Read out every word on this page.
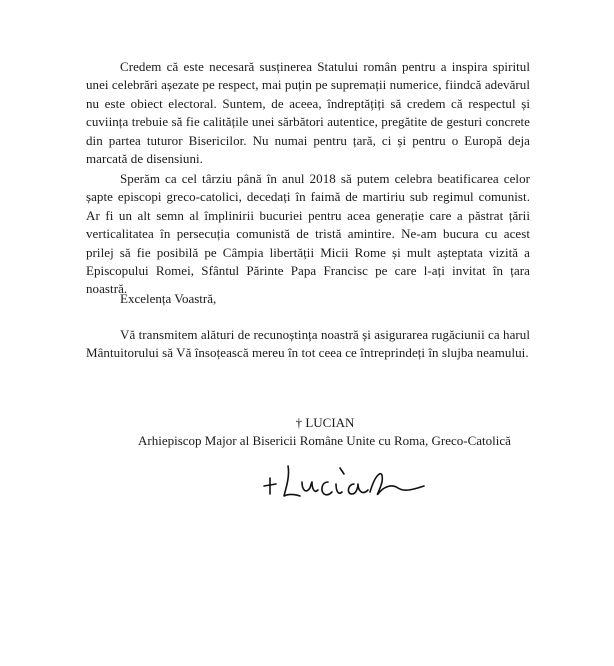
Credem că este necesară susținerea Statului român pentru a inspira spiritul unei celebrări așezate pe respect, mai puțin pe supremații numerice, fiindcă adevărul nu este obiect electoral. Suntem, de aceea, îndreptățiți să credem că respectul și cuviința trebuie să fie calitățile unei sărbători autentice, pregătite de gesturi concrete din partea tuturor Bisericilor. Nu numai pentru țară, ci și pentru o Europă deja marcată de disensiuni.

Sperăm ca cel târziu până în anul 2018 să putem celebra beatificarea celor șapte episcopi greco-catolici, decedați în faimă de martiriu sub regimul comunist. Ar fi un alt semn al împlinirii bucuriei pentru acea generație care a păstrat țării verticalitatea în persecuția comunistă de tristă amintire. Ne-am bucura cu acest prilej să fie posibilă pe Câmpia libertății Micii Rome și mult așteptata vizită a Episcopului Romei, Sfântul Părinte Papa Francisc pe care l-ați invitat în țara noastră.

Excelența Voastră,

Vă transmitem alături de recunoștința noastră și asigurarea rugăciunii ca harul Mântuitorului să Vă însoțească mereu în tot ceea ce întreprindeți în slujba neamului.

† LUCIAN

Arhiepiscop Major al Bisericii Române Unite cu Roma, Greco-Catolică
